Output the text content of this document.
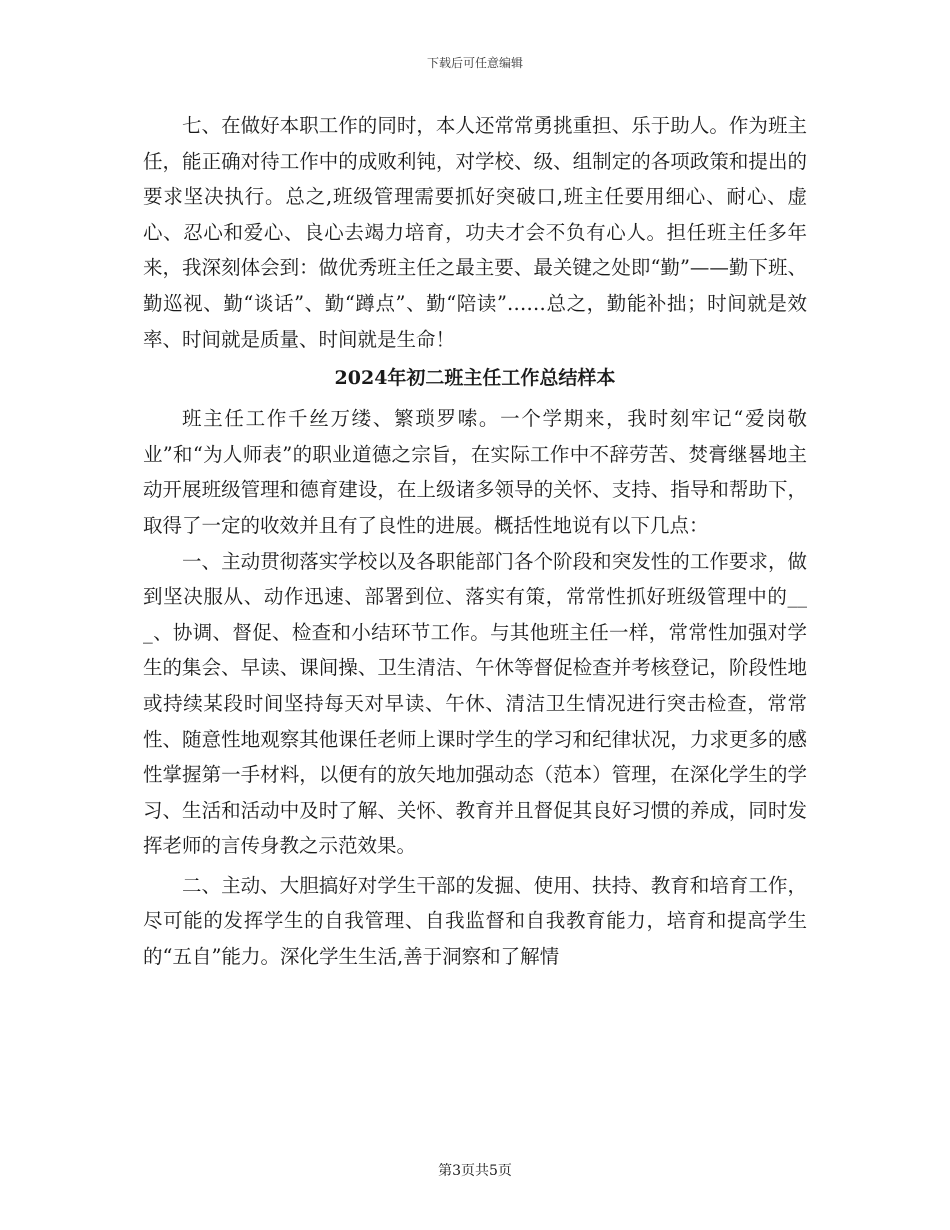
下载后可任意编辑

七、在做好本职工作的同时，本人还常常勇挑重担、乐于助人。作为班主任，能正确对待工作中的成败利钝，对学校、级、组制定的各项政策和提出的要求坚决执行。总之,班级管理需要抓好突破口,班主任要用细心、耐心、虚心、忍心和爱心、良心去竭力培育，功夫才会不负有心人。担任班主任多年来，我深刻体会到：做优秀班主任之最主要、最关键之处即“勤”——勤下班、勤巡视、勤“谈话”、勤“蹲点”、勤“陪读”……总之，勤能补拙；时间就是效率、时间就是质量、时间就是生命！

2024年初二班主任工作总结样本

班主任工作千丝万缕、繁琐罗嗦。一个学期来，我时刻牢记“爱岗敬业”和“为人师表”的职业道德之宗旨，在实际工作中不辞劳苦、焚膏继晷地主动开展班级管理和德育建设，在上级诸多领导的关怀、支持、指导和帮助下，取得了一定的收效并且有了良性的进展。概括性地说有以下几点：

一、主动贯彻落实学校以及各职能部门各个阶段和突发性的工作要求，做到坚决服从、动作迅速、部署到位、落实有策，常常性抓好班级管理中的___、协调、督促、检查和小结环节工作。与其他班主任一样，常常性加强对学生的集会、早读、课间操、卫生清洁、午休等督促检查并考核登记，阶段性地或持续某段时间坚持每天对早读、午休、清洁卫生情况进行突击检查，常常性、随意性地观察其他课任老师上课时学生的学习和纪律状况，力求更多的感性掌握第一手材料，以便有的放矢地加强动态（范本）管理，在深化学生的学习、生活和活动中及时了解、关怀、教育并且督促其良好习惯的养成，同时发挥老师的言传身教之示范效果。

二、主动、大胆搞好对学生干部的发掘、使用、扶持、教育和培育工作，尽可能的发挥学生的自我管理、自我监督和自我教育能力，培育和提高学生的“五自”能力。深化学生生活,善于洞察和了解情

第3页共5页
